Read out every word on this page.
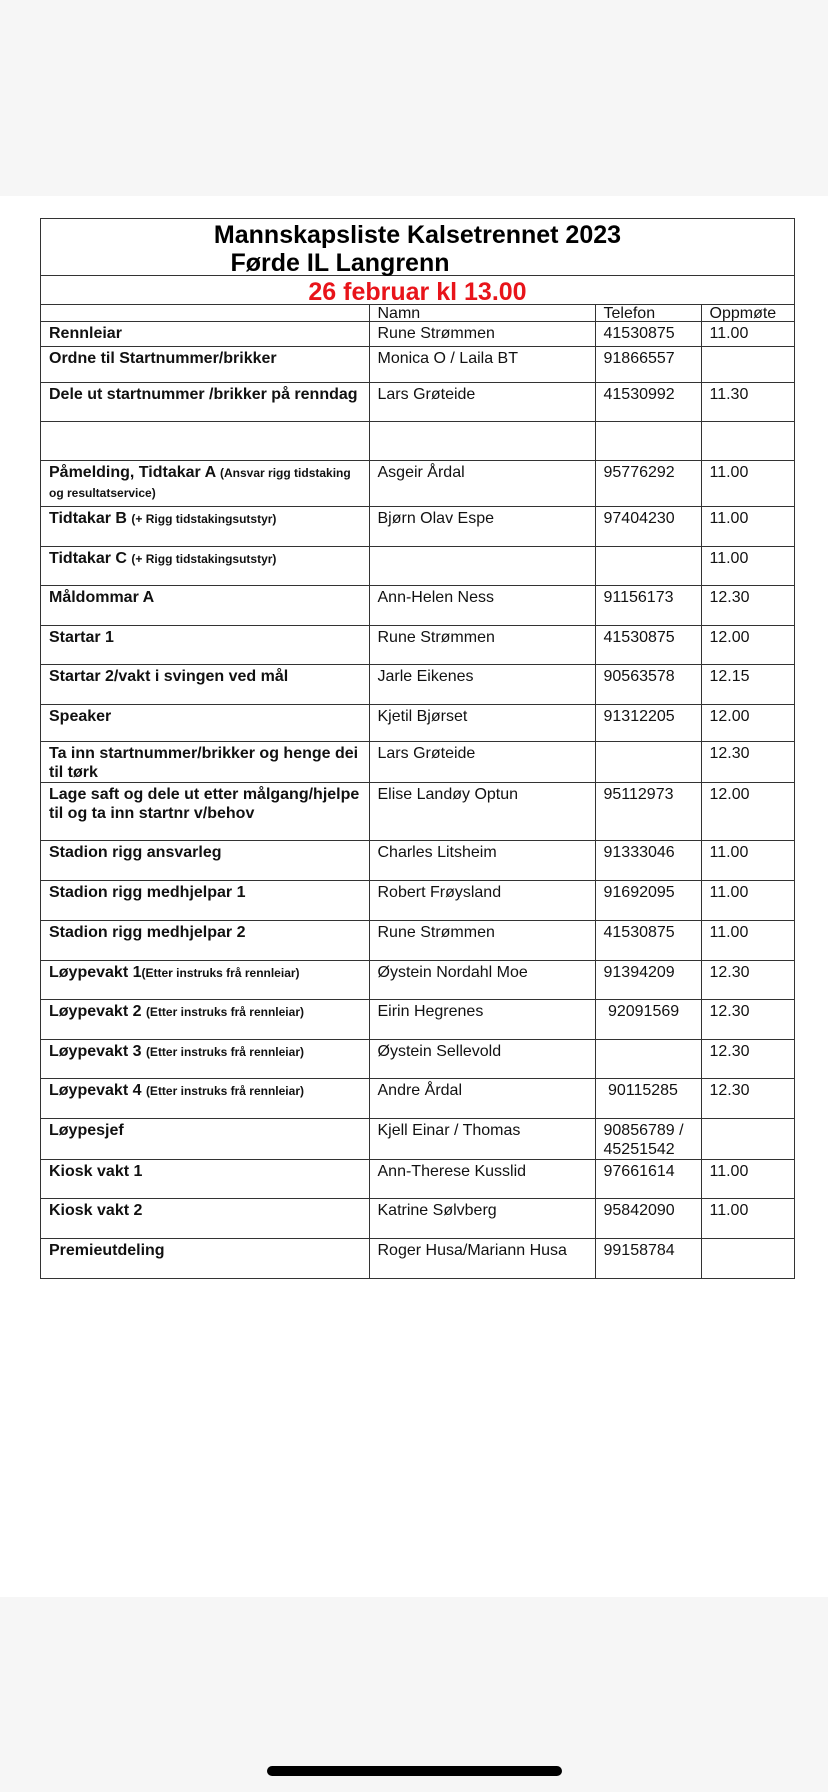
Mannskapsliste Kalsetrennet 2023
Førde IL Langrenn
26 februar kl 13.00
	Namn	Telefon	Oppmøte
Rennleiar	Rune Strømmen	41530875	11.00
Ordne til Startnummer/brikker	Monica O / Laila BT	91866557	
Dele ut startnummer /brikker på renndag	Lars Grøteide	41530992	11.30

Påmelding, Tidtakar A (Ansvar rigg tidstaking og resultatservice)	Asgeir Årdal	95776292	11.00
Tidtakar B (+ Rigg tidstakingsutstyr)	Bjørn Olav Espe	97404230	11.00
Tidtakar C (+ Rigg tidstakingsutstyr)			11.00
Måldommar A	Ann-Helen Ness	91156173	12.30
Startar 1	Rune Strømmen	41530875	12.00
Startar 2/vakt i svingen ved mål	Jarle Eikenes	90563578	12.15
Speaker	Kjetil Bjørset	91312205	12.00
Ta inn startnummer/brikker og henge dei til tørk	Lars Grøteide		12.30
Lage saft og dele ut etter målgang/hjelpe til og ta inn startnr v/behov	Elise Landøy Optun	95112973	12.00
Stadion rigg ansvarleg	Charles Litsheim	91333046	11.00
Stadion rigg medhjelpar 1	Robert Frøysland	91692095	11.00
Stadion rigg medhjelpar 2	Rune Strømmen	41530875	11.00
Løypevakt 1(Etter instruks frå rennleiar)	Øystein Nordahl Moe	91394209	12.30
Løypevakt 2 (Etter instruks frå rennleiar)	Eirin Hegrenes	92091569	12.30
Løypevakt 3 (Etter instruks frå rennleiar)	Øystein Sellevold		12.30
Løypevakt 4 (Etter instruks frå rennleiar)	Andre Årdal	90115285	12.30
Løypesjef	Kjell Einar / Thomas	90856789 / 45251542	
Kiosk vakt 1	Ann-Therese Kusslid	97661614	11.00
Kiosk vakt 2	Katrine Sølvberg	95842090	11.00
Premieutdeling	Roger Husa/Mariann Husa	99158784	
